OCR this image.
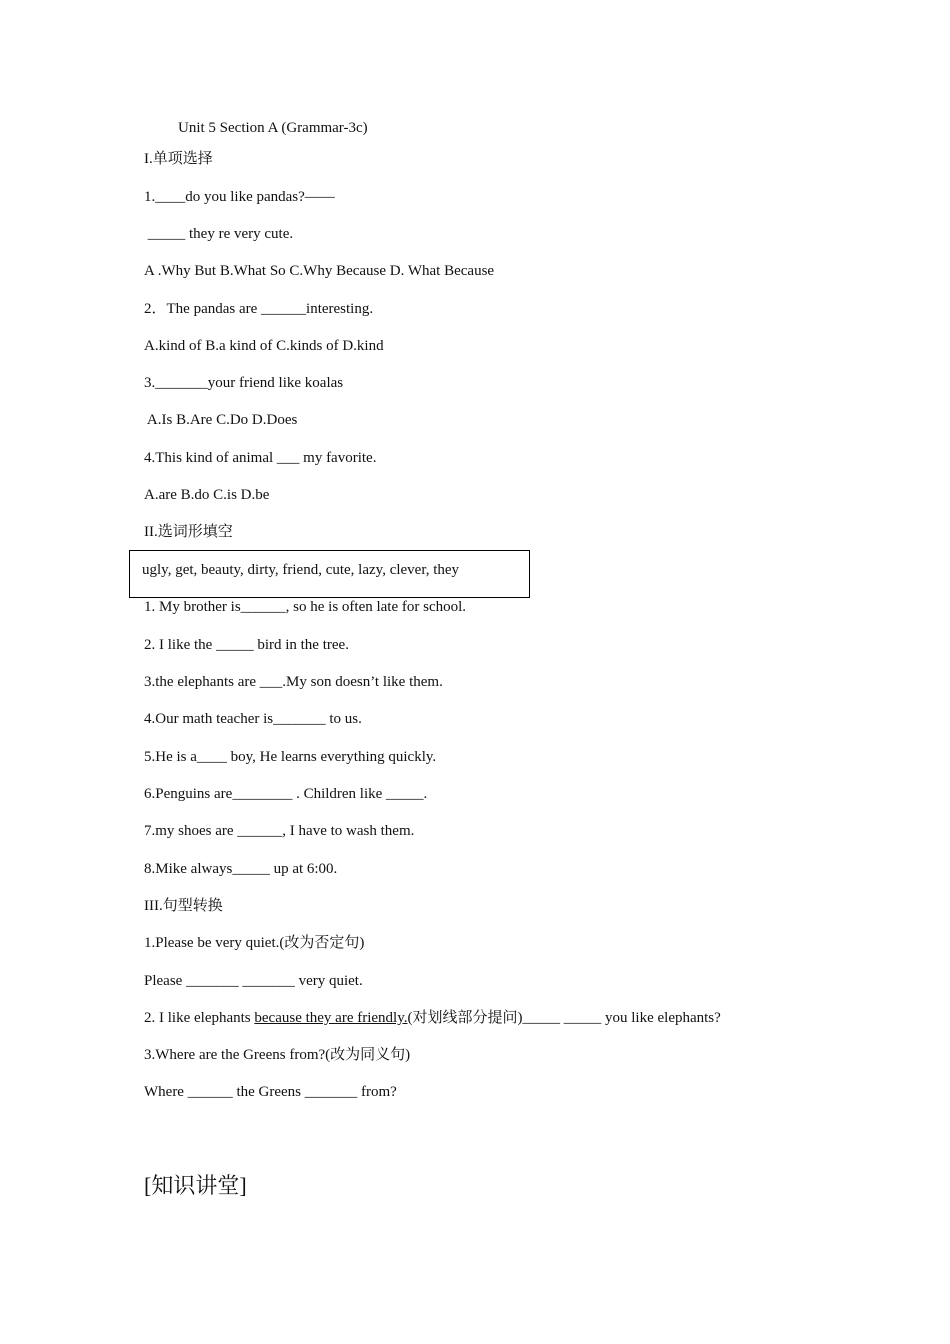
Unit 5 Section A (Grammar-3c)
I.单项选择
1.____do you like pandas?——
_____ they re very cute.
A .Why But B.What So C.Why Because D. What Because
2．The pandas are ______interesting.
A.kind of B.a kind of C.kinds of D.kind
3._______your friend like koalas
A.Is B.Are C.Do D.Does
4.This kind of animal ___ my favorite.
A.are B.do C.is D.be
II.选词形填空
ugly, get, beauty, dirty, friend, cute, lazy, clever, they
1. My brother is______, so he is often late for school.
2. I like the _____ bird in the tree.
3.the elephants are ___.My son doesn’t like them.
4.Our math teacher is_______ to us.
5.He is a____ boy, He learns everything quickly.
6.Penguins are________ . Children like _____.
7.my shoes are ______, I have to wash them.
8.Mike always_____ up at 6:00.
III.句型转换
1.Please be very quiet.(改为否定句)
Please _______ _______ very quiet.
2. I like elephants because they are friendly.(对划线部分提问)_____ _____ you like elephants?
3.Where are the Greens from?(改为同义句)
Where ______ the Greens _______ from?
[知识讲堂]
